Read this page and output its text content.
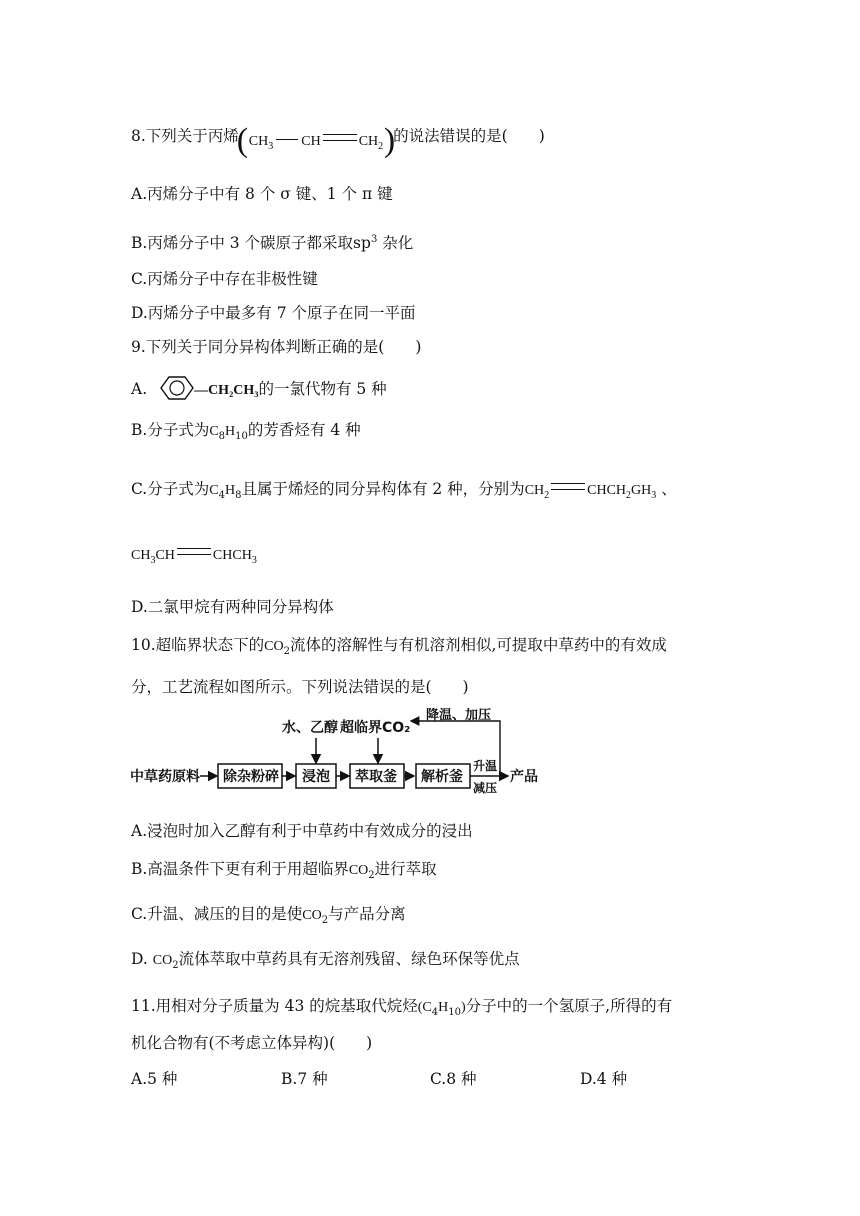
8.下列关于丙烯
( $CH_3$ CH	$CH_2$ )
的说法错误的是(　　)
A.丙烯分子中有 8 个 σ 键、1 个 π 键
B.丙烯分子中 3 个碳原子都采取$sp^3$ 杂化
C.丙烯分子中存在非极性键
D.丙烯分子中最多有 7 个原子在同一平面
9.下列关于同分异构体判断正确的是(　　)
A.	—CH₂CH₃的一氯代物有 5 种
B.分子式为$C_8H_{10}$的芳香烃有 4 种
C.分子式为$C_4H_8$且属于烯烃的同分异构体有 2 种，分别为$CH_2$	$CHCH_2GH_3$ 、
$CH_3CH$	$CHCH_3$
D.二氯甲烷有两种同分异构体
10.超临界状态下的$CO_2$流体的溶解性与有机溶剂相似,可提取中草药中的有效成
分，工艺流程如图所示。下列说法错误的是(　　)
中草药原料 除杂粉碎 浸泡
水、乙醇
萃取釜
超临界CO₂
解析釜
升温
减压
产品
降温、加压
A.浸泡时加入乙醇有利于中草药中有效成分的浸出
B.高温条件下更有利于用超临界$CO_2$进行萃取
C.升温、减压的目的是使$CO_2$与产品分离
D. $CO_2$流体萃取中草药具有无溶剂残留、绿色环保等优点
11.用相对分子质量为 43 的烷基取代烷烃$(C_4H_{10})$分子中的一个氢原子,所得的有
机化合物有(不考虑立体异构)(　　)
A.5 种	B.7 种	C.8 种	D.4 种
